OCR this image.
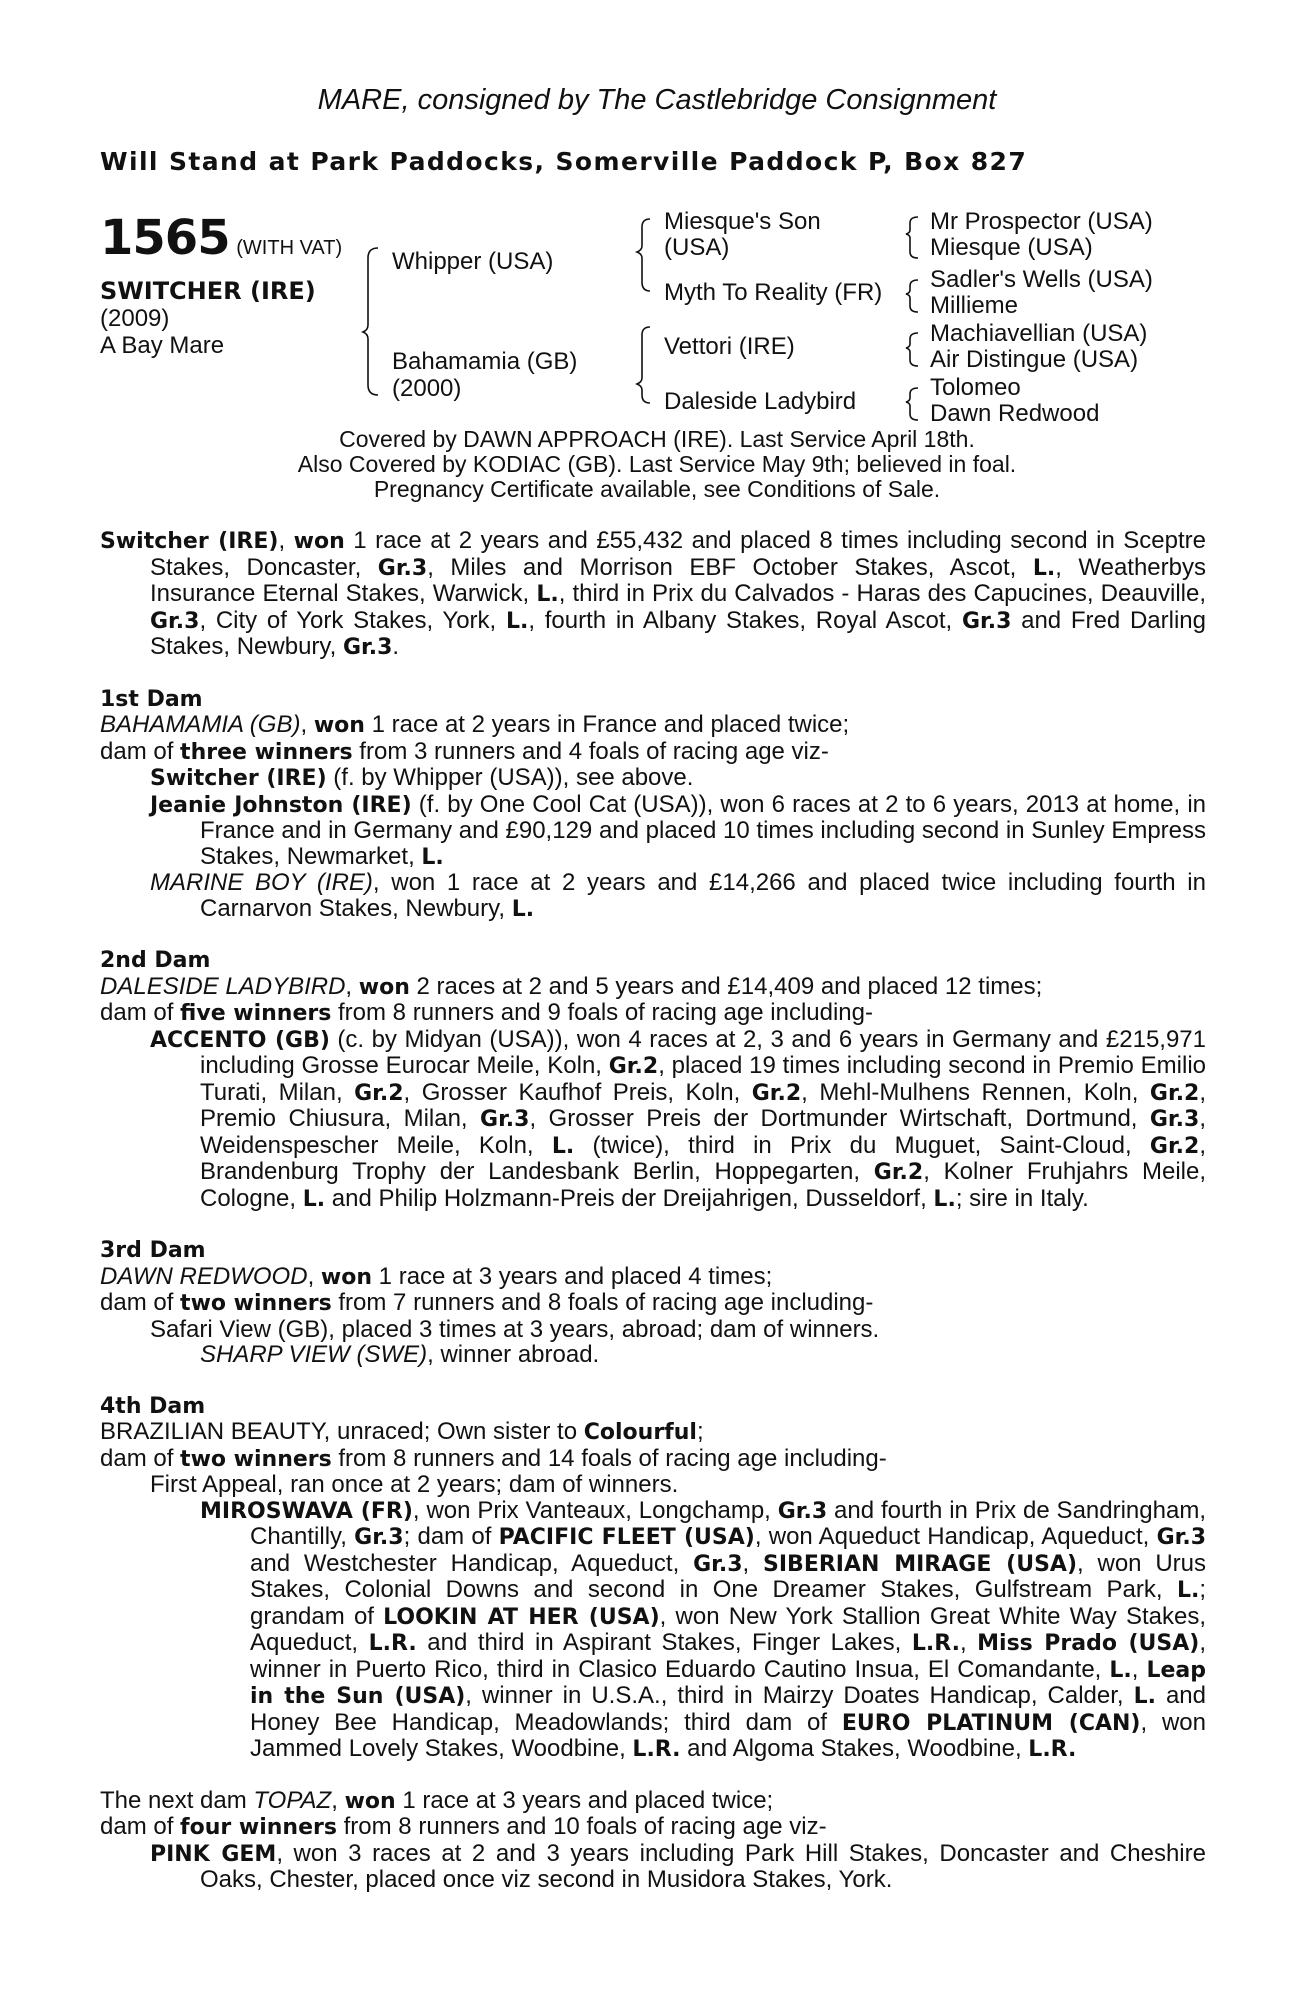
MARE, consigned by The Castlebridge Consignment
Will Stand at Park Paddocks, Somerville Paddock P, Box 827
1565 (WITH VAT)
SWITCHER (IRE)
(2009)
A Bay Mare
Whipper (USA)
Bahamamia (GB)
(2000)
Miesque's Son
(USA)
Myth To Reality (FR)
Vettori (IRE)
Daleside Ladybird
Mr Prospector (USA)
Miesque (USA)
Sadler's Wells (USA)
Millieme
Machiavellian (USA)
Air Distingue (USA)
Tolomeo
Dawn Redwood
Covered by DAWN APPROACH (IRE). Last Service April 18th.
Also Covered by KODIAC (GB). Last Service May 9th; believed in foal.
Pregnancy Certificate available, see Conditions of Sale.

Switcher (IRE), won 1 race at 2 years and £55,432 and placed 8 times including second in Sceptre Stakes, Doncaster, Gr.3, Miles and Morrison EBF October Stakes, Ascot, L., Weatherbys Insurance Eternal Stakes, Warwick, L., third in Prix du Calvados - Haras des Capucines, Deauville, Gr.3, City of York Stakes, York, L., fourth in Albany Stakes, Royal Ascot, Gr.3 and Fred Darling Stakes, Newbury, Gr.3.

1st Dam

BAHAMAMIA (GB), won 1 race at 2 years in France and placed twice;

dam of three winners from 3 runners and 4 foals of racing age viz-

Switcher (IRE) (f. by Whipper (USA)), see above.

Jeanie Johnston (IRE) (f. by One Cool Cat (USA)), won 6 races at 2 to 6 years, 2013 at home, in France and in Germany and £90,129 and placed 10 times including second in Sunley Empress Stakes, Newmarket, L.

MARINE BOY (IRE), won 1 race at 2 years and £14,266 and placed twice including fourth in Carnarvon Stakes, Newbury, L.

2nd Dam

DALESIDE LADYBIRD, won 2 races at 2 and 5 years and £14,409 and placed 12 times;

dam of five winners from 8 runners and 9 foals of racing age including-

ACCENTO (GB) (c. by Midyan (USA)), won 4 races at 2, 3 and 6 years in Germany and £215,971 including Grosse Eurocar Meile, Koln, Gr.2, placed 19 times including second in Premio Emilio Turati, Milan, Gr.2, Grosser Kaufhof Preis, Koln, Gr.2, Mehl-Mulhens Rennen, Koln, Gr.2, Premio Chiusura, Milan, Gr.3, Grosser Preis der Dortmunder Wirtschaft, Dortmund, Gr.3, Weidenspescher Meile, Koln, L. (twice), third in Prix du Muguet, Saint-Cloud, Gr.2, Brandenburg Trophy der Landesbank Berlin, Hoppegarten, Gr.2, Kolner Fruhjahrs Meile, Cologne, L. and Philip Holzmann-Preis der Dreijahrigen, Dusseldorf, L.; sire in Italy.

3rd Dam

DAWN REDWOOD, won 1 race at 3 years and placed 4 times;

dam of two winners from 7 runners and 8 foals of racing age including-

Safari View (GB), placed 3 times at 3 years, abroad; dam of winners.

SHARP VIEW (SWE), winner abroad.

4th Dam

BRAZILIAN BEAUTY, unraced; Own sister to Colourful;

dam of two winners from 8 runners and 14 foals of racing age including-

First Appeal, ran once at 2 years; dam of winners.

MIROSWAVA (FR), won Prix Vanteaux, Longchamp, Gr.3 and fourth in Prix de Sandringham, Chantilly, Gr.3; dam of PACIFIC FLEET (USA), won Aqueduct Handicap, Aqueduct, Gr.3 and Westchester Handicap, Aqueduct, Gr.3, SIBERIAN MIRAGE (USA), won Urus Stakes, Colonial Downs and second in One Dreamer Stakes, Gulfstream Park, L.; grandam of LOOKIN AT HER (USA), won New York Stallion Great White Way Stakes, Aqueduct, L.R. and third in Aspirant Stakes, Finger Lakes, L.R., Miss Prado (USA), winner in Puerto Rico, third in Clasico Eduardo Cautino Insua, El Comandante, L., Leap in the Sun (USA), winner in U.S.A., third in Mairzy Doates Handicap, Calder, L. and Honey Bee Handicap, Meadowlands; third dam of EURO PLATINUM (CAN), won Jammed Lovely Stakes, Woodbine, L.R. and Algoma Stakes, Woodbine, L.R.

The next dam TOPAZ, won 1 race at 3 years and placed twice;

dam of four winners from 8 runners and 10 foals of racing age viz-

PINK GEM, won 3 races at 2 and 3 years including Park Hill Stakes, Doncaster and Cheshire Oaks, Chester, placed once viz second in Musidora Stakes, York.
